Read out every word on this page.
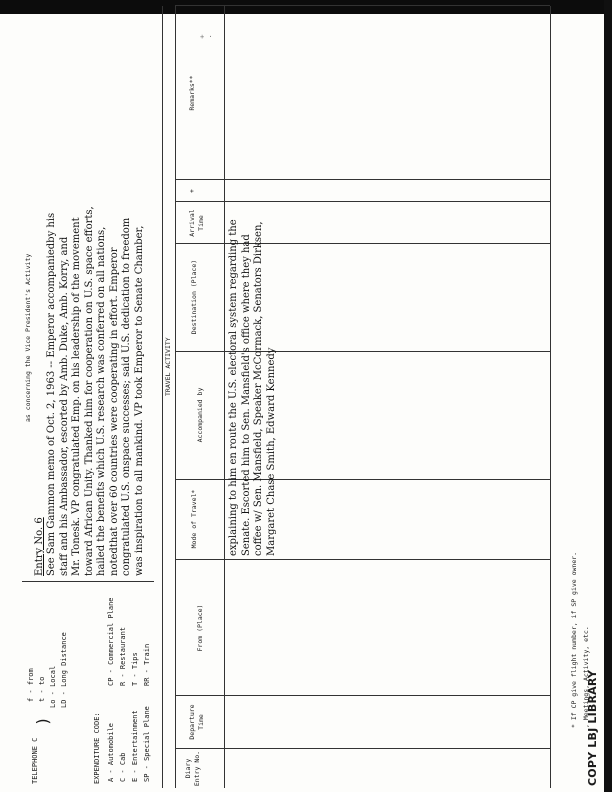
+ ·
TELEPHONE C
f - from
t - to
Lo - Local
LD - Long Distance
)	EXPENDITURE CODE: A - Automobile
C - Cab
E - Entertainment
SP - Special Plane
CP - Commercial Plane
R - Restaurant
T - Tips
RR - Train
as concerning the Vice President's Activity
Entry No. 6 See Sam Gammon memo of Oct. 2, 1963 -- Emperor accompaniedby his staff and his Ambassador, escorted by Amb. Duke, Amb. Korry, and Mr. Tonesk. VP congratulated Emp. on his leadership of the movement toward African Unity. Thanked him for cooperation on U.S. space efforts, hailed the benefits which U.S. research was conferred on all nations, notedthat over 60 countries were cooperating in effort. Emperor congratulated U.S. onspace successes; said U.S. dedication to freedom was inspiration to all mankind. VP took Emperor to Senate Chamber,	TRAVEL ACTIVITY
Diary Entry No.
Departure Time
From (Place)
Mode of Travel*
Accompanied by
Destination (Place)
Arrival Time
+
Remarks**
explaining to him en route the U.S. electoral system regarding the Senate. Escorted him to Sen. Mansfield's office where they had coffee w/ Sen. Mansfield, Speaker McCormack, Senators Dirksen, Margaret Chase Smith, Edward Kennedy
* If CP give flight number, if SP give owner. , Meetings, Activity, etc.
COPY LBJ LIBRARY
